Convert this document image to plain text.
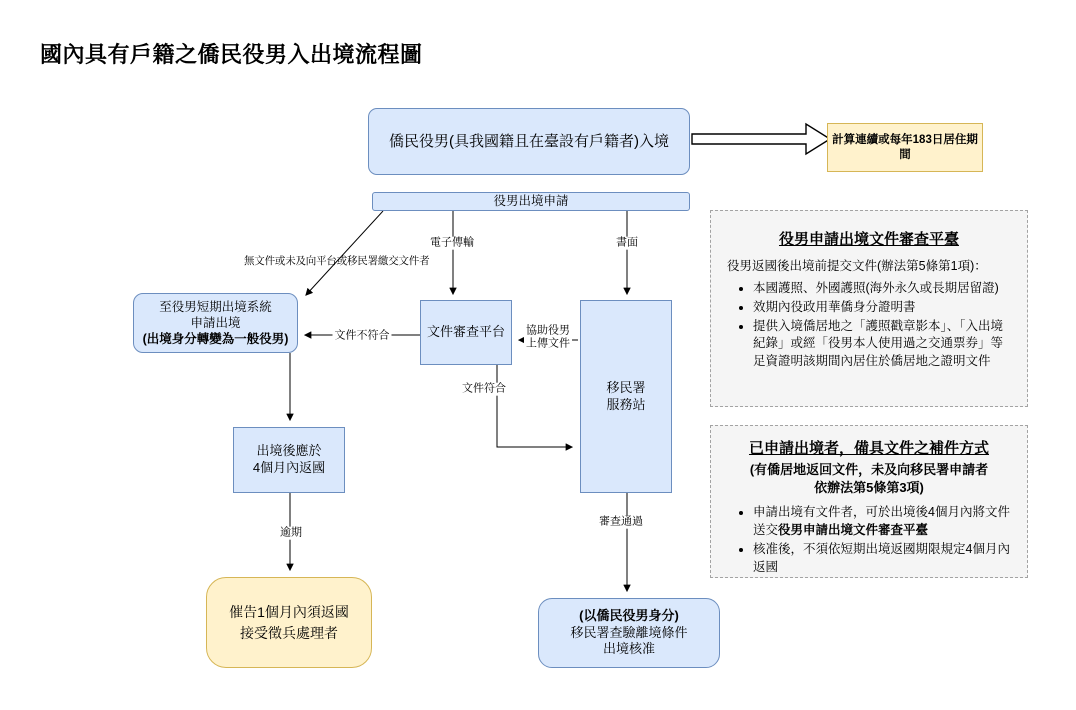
國內具有戶籍之僑民役男入出境流程圖
僑民役男(具我國籍且在臺設有戶籍者)入境	計算連續或每年183日居住期間
役男出境申請
至役男短期出境系統
申請出境
(出境身分轉變為一般役男)	文件審查平台
移民署
服務站
出境後應於
4個月內返國
催告1個月內須返國
接受徵兵處理者
(以僑民役男身分)
移民署查驗離境條件
出境核准
無文件或未及向平台或移民署繳交文件者
電子傳輸	書面
文件不符合	協助役男
上傳文件
文件符合
逾期
審查通過
役男申請出境文件審查平臺

役男返國後出境前提交文件(辦法第5條第1項)：

• 本國護照、外國護照(海外永久或長期居留證)
• 效期內役政用華僑身分證明書
• 提供入境僑居地之「護照戳章影本」、「入出境紀錄」或經「役男本人使用過之交通票券」等足資證明該期間內居住於僑居地之證明文件
已申請出境者，備具文件之補件方式
(有僑居地返回文件，未及向移民署申請者
依辦法第5條第3項)
• 申請出境有文件者，可於出境後4個月內將文件送交役男申請出境文件審查平臺
• 核准後，不須依短期出境返國期限規定4個月內返國
